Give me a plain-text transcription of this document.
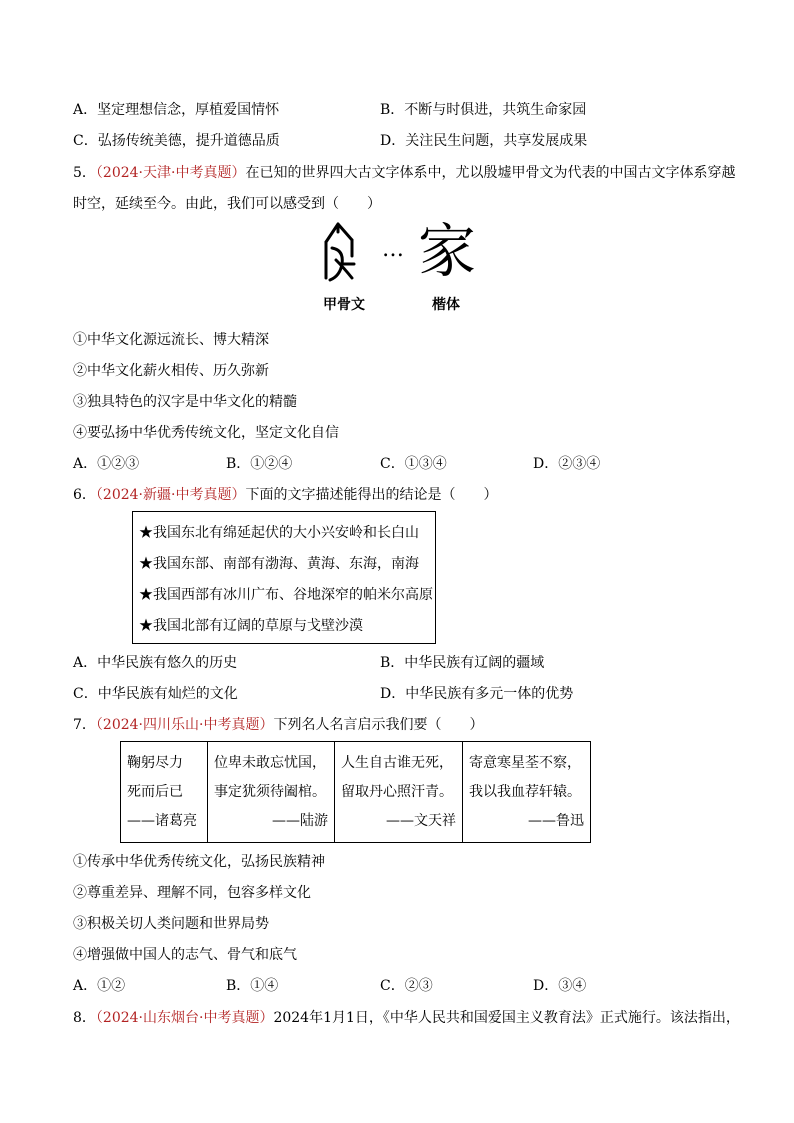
A．坚定理想信念，厚植爱国情怀	B．不断与时俱进，共筑生命家园
C．弘扬传统美德，提升道德品质	D．关注民生问题，共享发展成果
5．（2024·天津·中考真题）在已知的世界四大古文字体系中，尤以殷墟甲骨文为代表的中国古文字体系穿越
时空，延续至今。由此，我们可以感受到（　　）
… 家
甲骨文	楷体
①中华文化源远流长、博大精深
②中华文化薪火相传、历久弥新
③独具特色的汉字是中华文化的精髓
④要弘扬中华优秀传统文化，坚定文化自信
A．①②③	B．①②④	C．①③④	D．②③④
6．（2024·新疆·中考真题）下面的文字描述能得出的结论是（　　）
★我国东北有绵延起伏的大小兴安岭和长白山
★我国东部、南部有渤海、黄海、东海，南海
★我国西部有冰川广布、谷地深窄的帕米尔高原
★我国北部有辽阔的草原与戈壁沙漠
A．中华民族有悠久的历史	B．中华民族有辽阔的疆域
C．中华民族有灿烂的文化	D．中华民族有多元一体的优势
7．（2024·四川乐山·中考真题）下列名人名言启示我们要（　　）
鞠躬尽力
死而后已
——诸葛亮

位卑未敢忘忧国，
事定犹须待阖棺。
——陆游

人生自古谁无死，
留取丹心照汗青。
——文天祥

寄意寒星荃不察，
我以我血荐轩辕。
——鲁迅
①传承中华优秀传统文化，弘扬民族精神
②尊重差异、理解不同，包容多样文化
③积极关切人类问题和世界局势
④增强做中国人的志气、骨气和底气
A．①②	B．①④	C．②③	D．③④
8．（2024·山东烟台·中考真题）2024年1月1日，《中华人民共和国爱国主义教育法》正式施行。该法指出，
